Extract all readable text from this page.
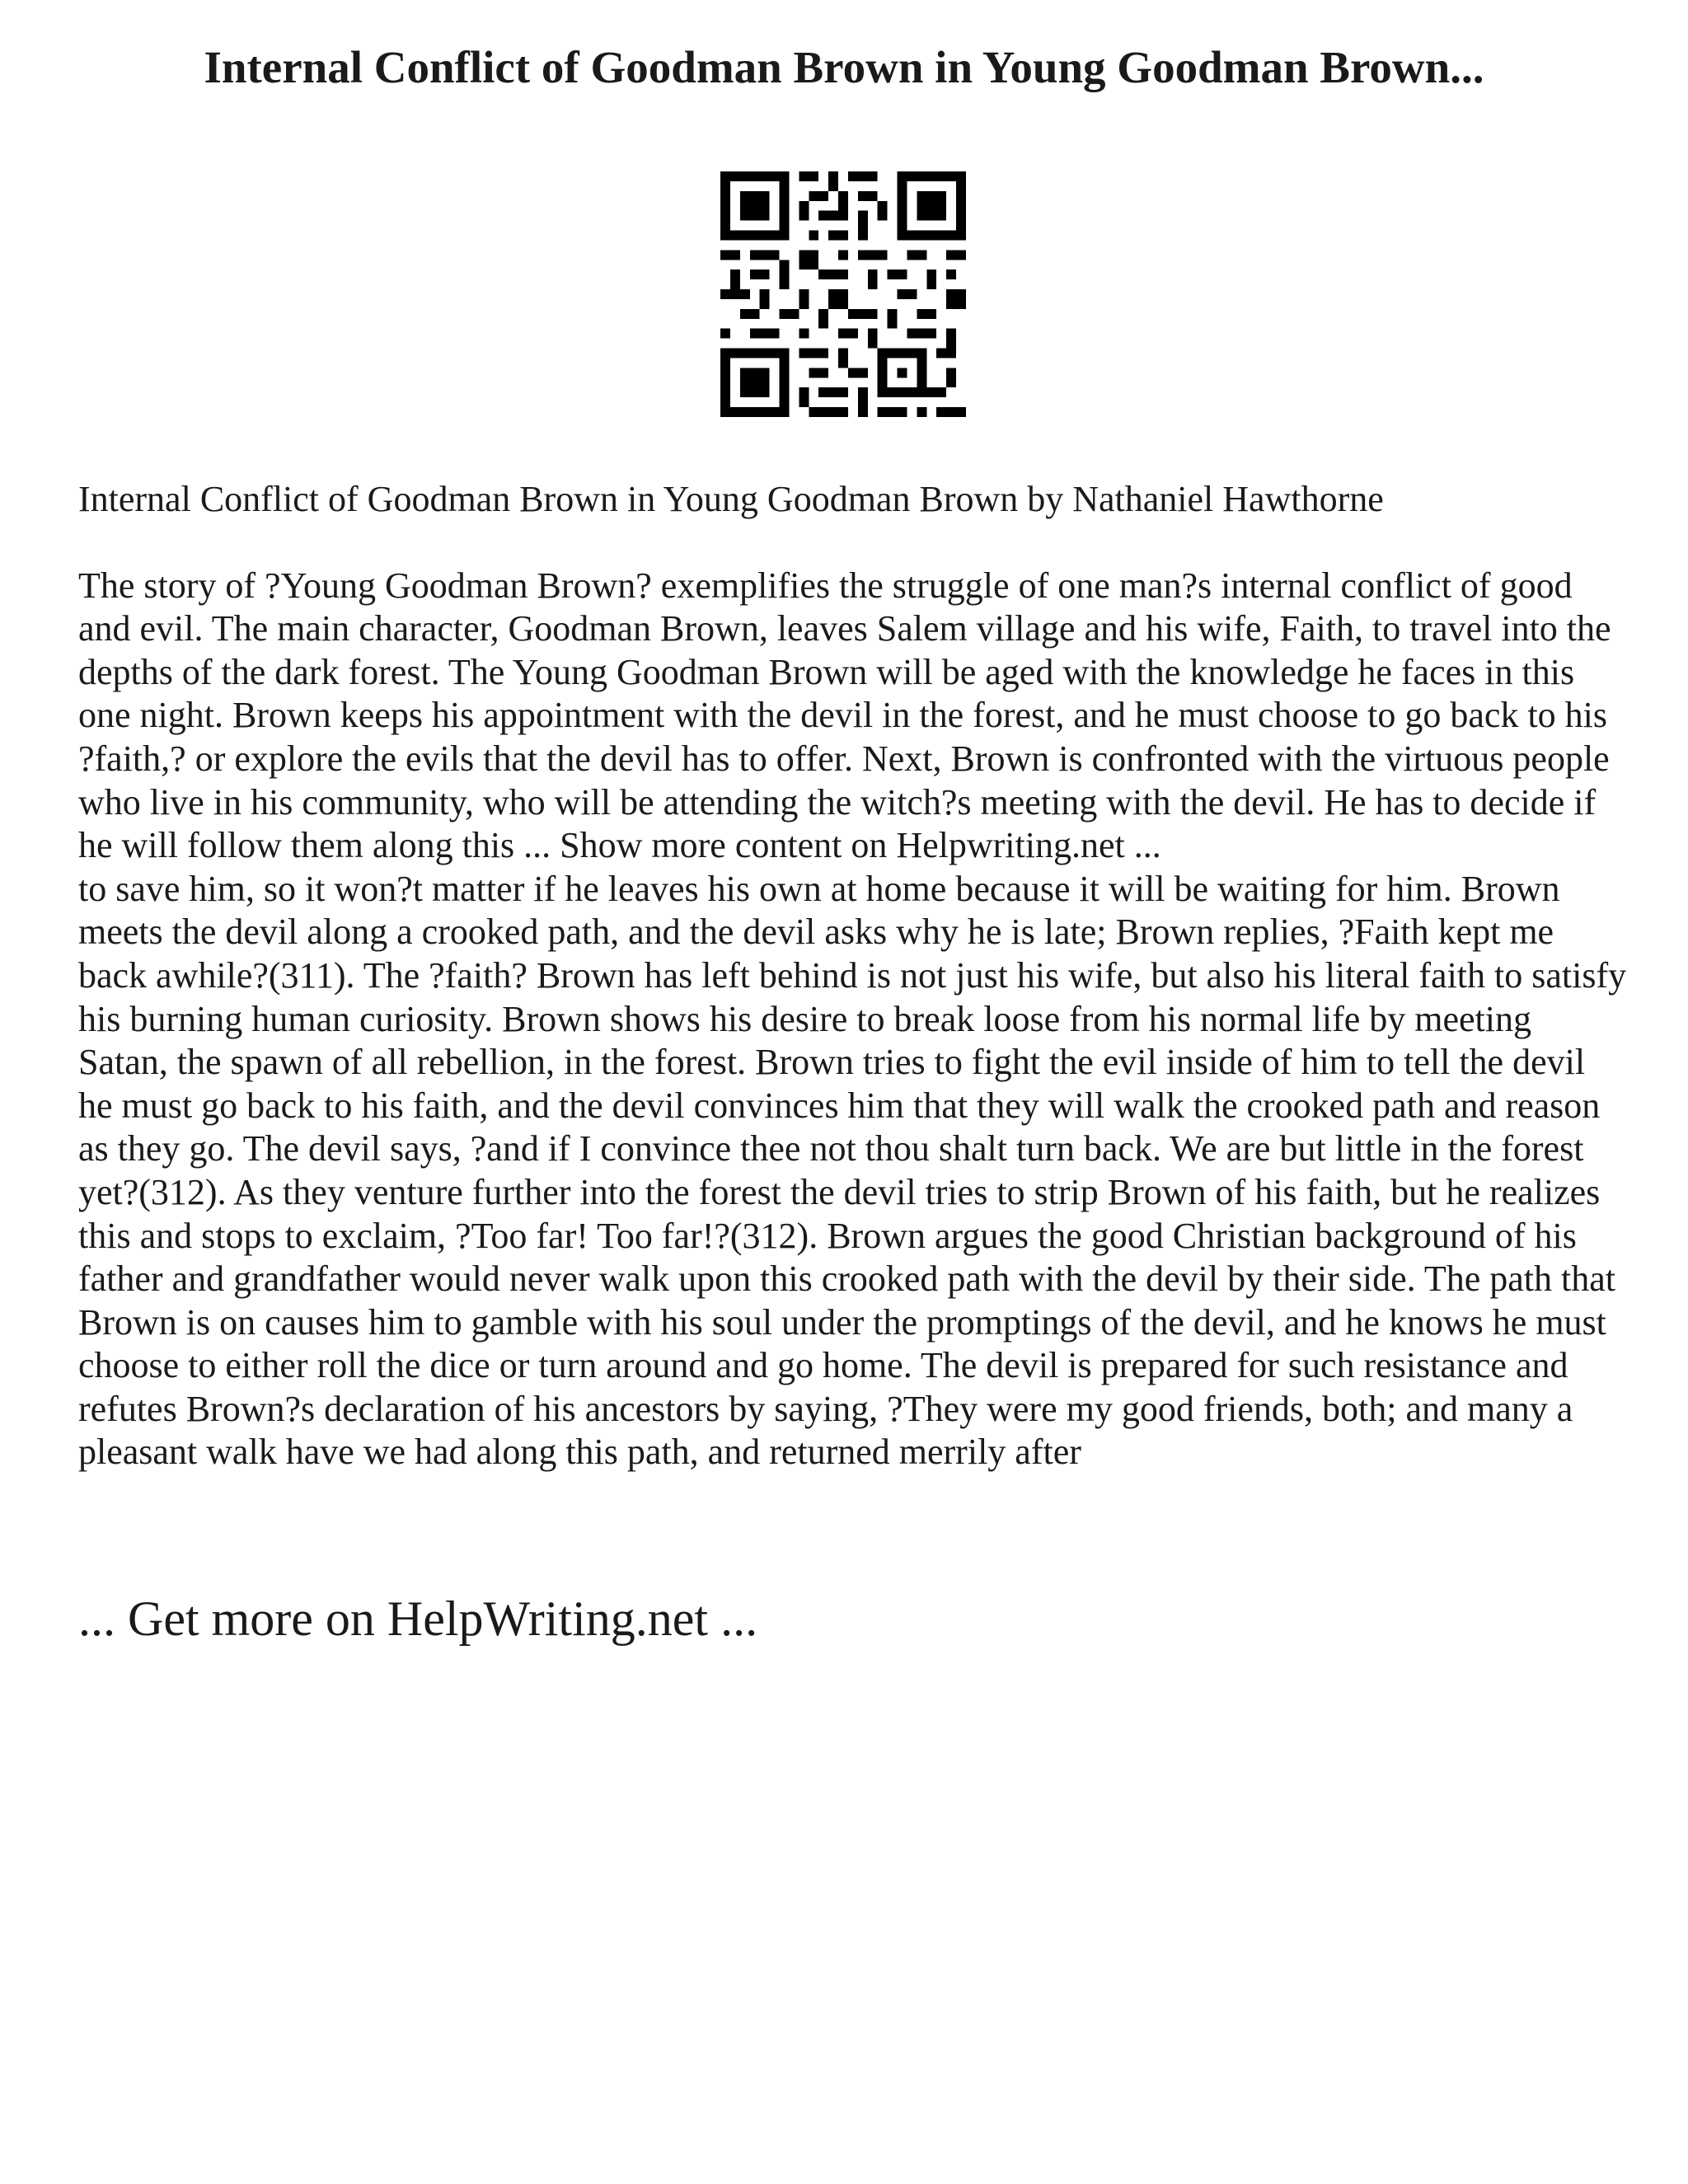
Internal Conflict of Goodman Brown in Young Goodman Brown...

Internal Conflict of Goodman Brown in Young Goodman Brown by Nathaniel Hawthorne

The story of ?Young Goodman Brown? exemplifies the struggle of one man?s internal conflict of good and evil. The main character, Goodman Brown, leaves Salem village and his wife, Faith, to travel into the depths of the dark forest. The Young Goodman Brown will be aged with the knowledge he faces in this one night. Brown keeps his appointment with the devil in the forest, and he must choose to go back to his ?faith,? or explore the evils that the devil has to offer. Next, Brown is confronted with the virtuous people who live in his community, who will be attending the witch?s meeting with the devil. He has to decide if he will follow them along this ... Show more content on Helpwriting.net ...

to save him, so it won?t matter if he leaves his own at home because it will be waiting for him. Brown meets the devil along a crooked path, and the devil asks why he is late; Brown replies, ?Faith kept me back awhile?(311). The ?faith? Brown has left behind is not just his wife, but also his literal faith to satisfy his burning human curiosity. Brown shows his desire to break loose from his normal life by meeting Satan, the spawn of all rebellion, in the forest. Brown tries to fight the evil inside of him to tell the devil he must go back to his faith, and the devil convinces him that they will walk the crooked path and reason as they go. The devil says, ?and if I convince thee not thou shalt turn back. We are but little in the forest yet?(312). As they venture further into the forest the devil tries to strip Brown of his faith, but he realizes this and stops to exclaim, ?Too far! Too far!?(312). Brown argues the good Christian background of his father and grandfather would never walk upon this crooked path with the devil by their side. The path that Brown is on causes him to gamble with his soul under the promptings of the devil, and he knows he must choose to either roll the dice or turn around and go home. The devil is prepared for such resistance and refutes Brown?s declaration of his ancestors by saying, ?They were my good friends, both; and many a pleasant walk have we had along this path, and returned merrily after

... Get more on HelpWriting.net ...
